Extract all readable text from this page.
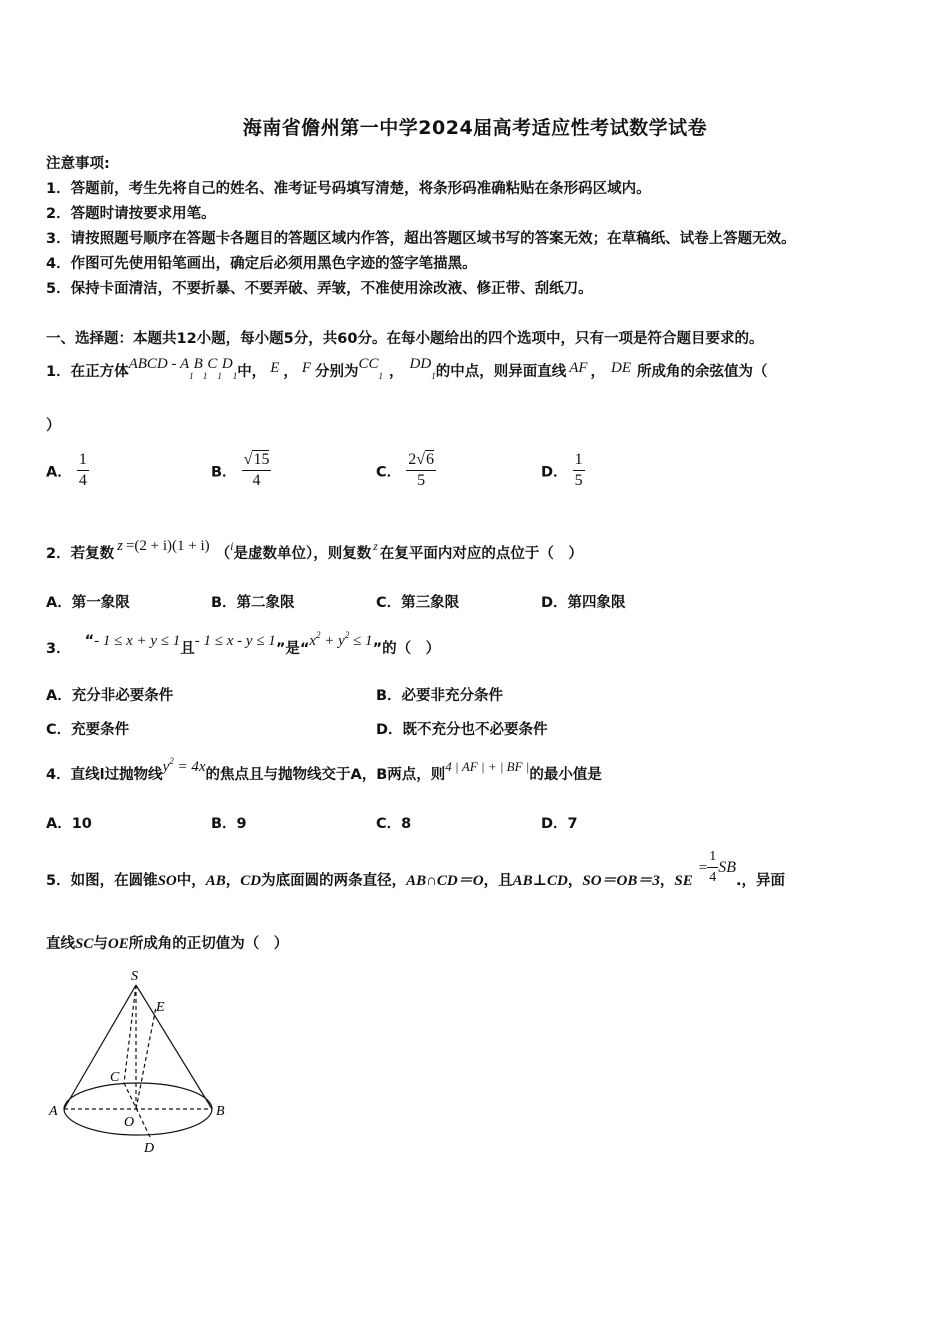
海南省儋州第一中学2024届高考适应性考试数学试卷
注意事项:
1．答题前，考生先将自己的姓名、准考证号码填写清楚，将条形码准确粘贴在条形码区域内。
2．答题时请按要求用笔。
3．请按照题号顺序在答题卡各题目的答题区域内作答，超出答题区域书写的答案无效；在草稿纸、试卷上答题无效。
4．作图可先使用铅笔画出，确定后必须用黑色字迹的签字笔描黑。
5．保持卡面清洁，不要折暴、不要弄破、弄皱，不准使用涂改液、修正带、刮纸刀。
一、选择题：本题共12小题，每小题5分，共60分。在每小题给出的四个选项中，只有一项是符合题目要求的。
1．在正方体ABCD - $A_1B_1C_1D_1$中， E ， F 分别为$CC_1$ ， $DD_1$的中点，则异面直线 AF ， DE 所成角的余弦值为（
）
A． $\frac{1}{4}$	B． $\frac{√15}{4}$	C． $\frac{2√6}{5}$	D． $\frac{1}{5}$
2．若复数 z =(2 + i)(1 + i) （$^i$是虚数单位），则复数 $^z$ 在复平面内对应的点位于（　）
A．第一象限	B．第二象限	C．第三象限	D．第四象限
3． “- 1 ≤ x + y ≤ 1且- 1 ≤ x - y ≤ 1”是“$x^2 + y^2 \le 1$”的（　）
A．充分非必要条件	B．必要非充分条件
C．充要条件	D．既不充分也不必要条件
4．直线l过抛物线$y^2 = 4x$的焦点且与抛物线交于A，B两点，则4 | AF | + | BF |的最小值是
A．10	B．9	C．8	D．7
5．如图，在圆锥SO中，AB，CD为底面圆的两条直径，AB∩CD＝O，且AB⊥CD，SO＝OB＝3，$SE= \frac{1}{4}$ SB.，异面
直线SC与OE所成角的正切值为（　）
S
E
C
A
O
B
D
